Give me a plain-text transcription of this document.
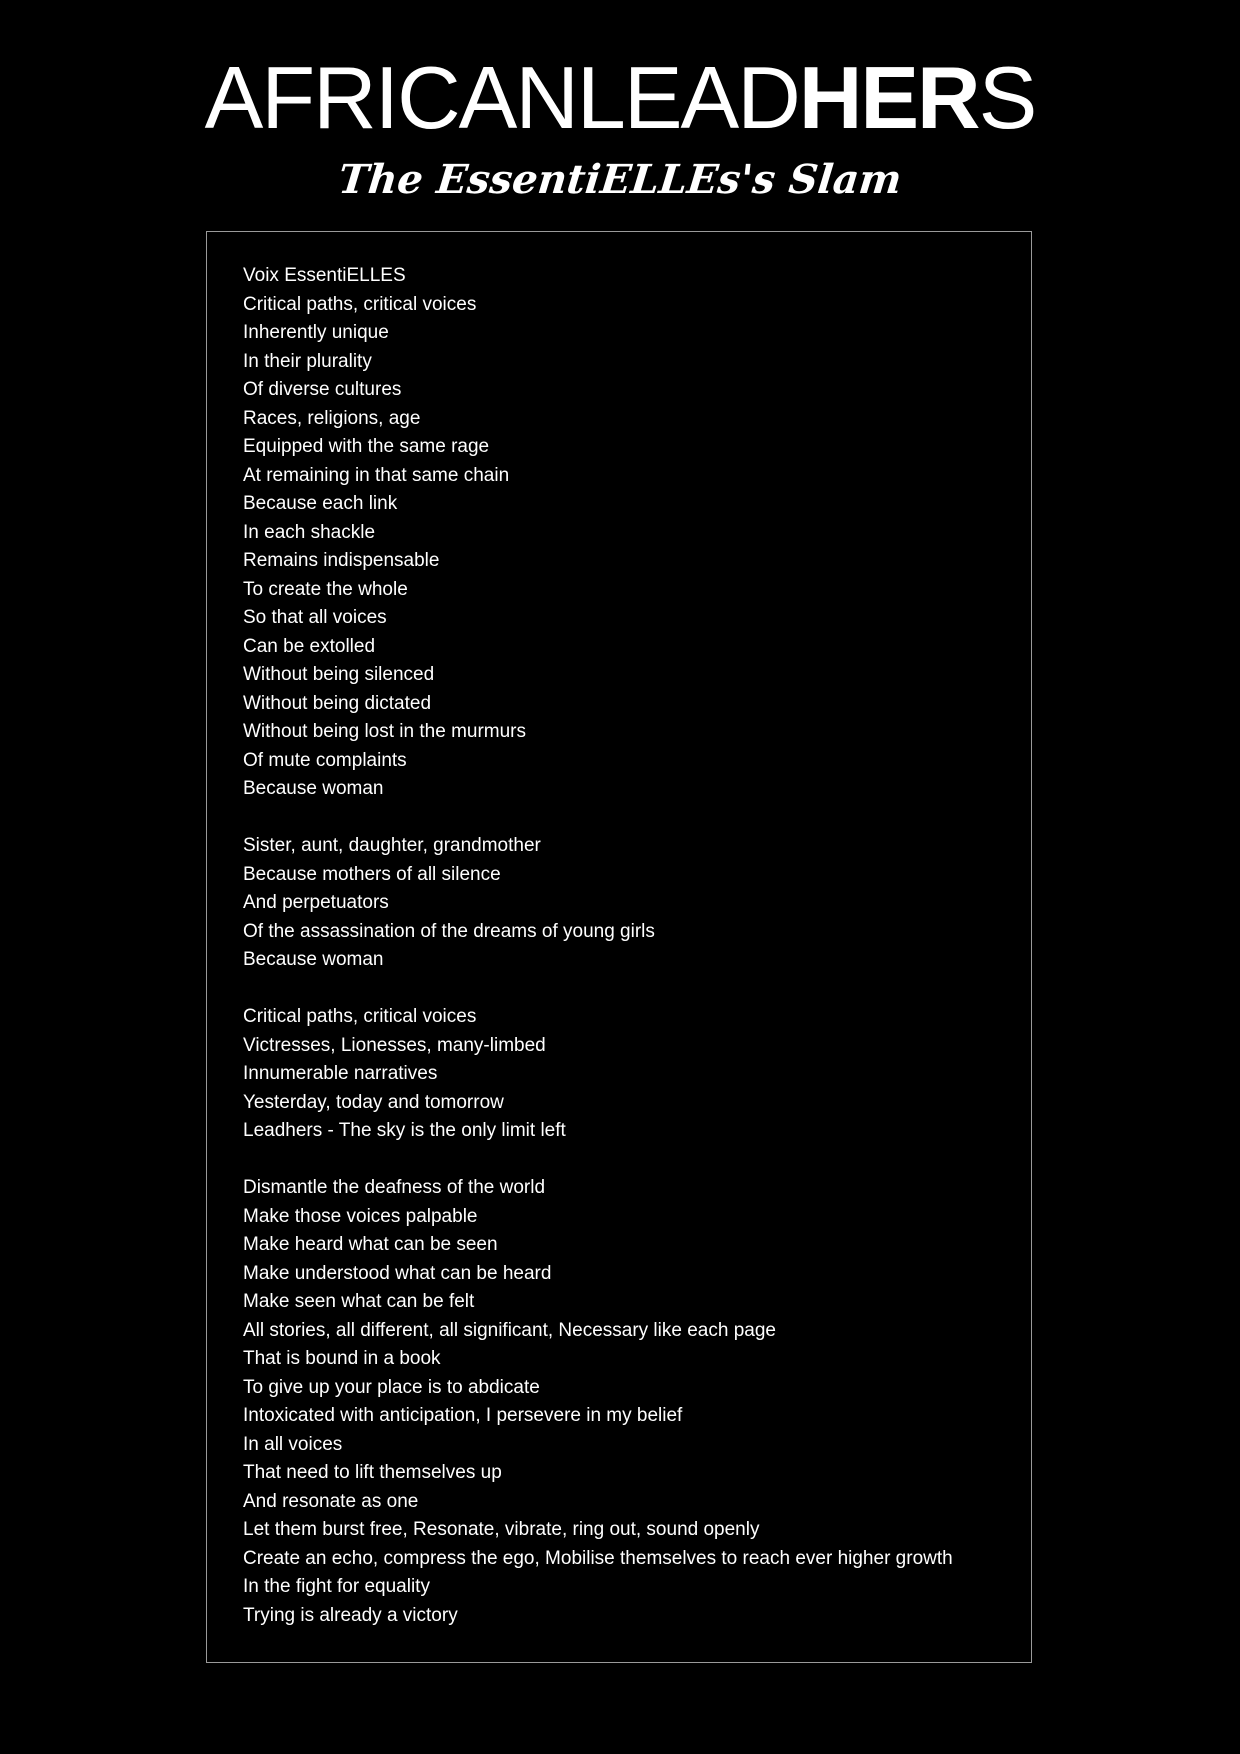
AFRICANLEADHERS
The EssentiELLEs's Slam
Voix EssentiELLES
Critical paths, critical voices
Inherently unique
In their plurality
Of diverse cultures
Races, religions, age
Equipped with the same rage
At remaining in that same chain
Because each link
In each shackle
Remains indispensable
To create the whole
So that all voices
Can be extolled
Without being silenced
Without being dictated
Without being lost in the murmurs
Of mute complaints
Because woman
Sister, aunt, daughter, grandmother
Because mothers of all silence
And perpetuators
Of the assassination of the dreams of young girls
Because woman
Critical paths, critical voices
Victresses, Lionesses, many-limbed
Innumerable narratives
Yesterday, today and tomorrow
Leadhers - The sky is the only limit left
Dismantle the deafness of the world
Make those voices palpable
Make heard what can be seen
Make understood what can be heard
Make seen what can be felt
All stories, all different, all significant, Necessary like each page
That is bound in a book
To give up your place is to abdicate
Intoxicated with anticipation, I persevere in my belief
In all voices
That need to lift themselves up
And resonate as one
Let them burst free, Resonate, vibrate, ring out, sound openly
Create an echo, compress the ego, Mobilise themselves to reach ever higher growth
In the fight for equality
Trying is already a victory
